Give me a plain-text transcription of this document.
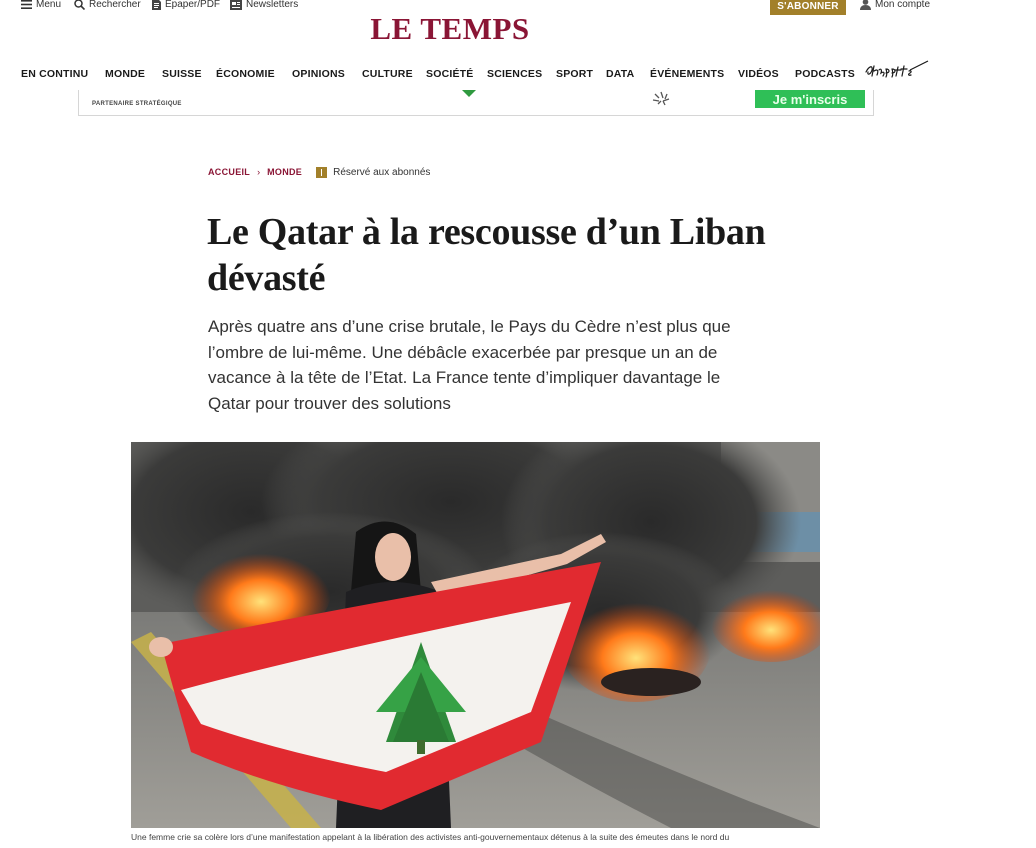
Menu	Rechercher Epaper/PDF	Newsletters	S'ABONNER	Mon compte
LE TEMPS
EN CONTINU MONDE SUISSE ÉCONOMIE OPINIONS CULTURE SOCIÉTÉ SCIENCES SPORT DATA ÉVÉNEMENTS VIDÉOS PODCASTS
PARTENAIRE STRATÉGIQUE	Je m'inscris
ACCUEIL › MONDE	Réservé aux abonnés
Le Qatar à la rescousse d’un Liban dévasté

Après quatre ans d’une crise brutale, le Pays du Cèdre n’est plus que l’ombre de lui-même. Une débâcle exacerbée par presque un an de vacance à la tête de l’Etat. La France tente d’impliquer davantage le Qatar pour trouver des solutions

Une femme crie sa colère lors d’une manifestation appelant à la libération des activistes anti-gouvernementaux détenus à la suite des émeutes dans le nord du
